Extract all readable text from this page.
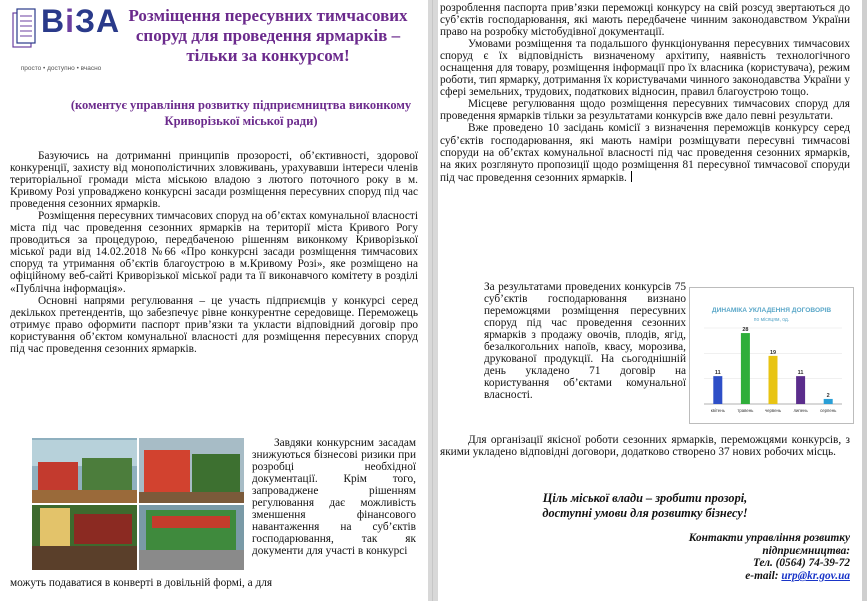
ВіЗА
просто • доступно • вчасно
Розміщення пересувних тимчасових споруд для проведення ярмарків – тільки за конкурсом!
(коментує управління розвитку підприємництва виконкому Криворізької міської ради)

Базуючись на дотриманні принципів прозорості, об’єктивності, здорової конкуренції, захисту від монополістичних зловживань, урахувавши інтереси членів територіальної громади міста міською владою з лютого поточного року в м. Кривому Розі упроваджено конкурсні засади розміщення пересувних споруд під час проведення сезонних ярмарків.

Розміщення пересувних тимчасових споруд на об’єктах комунальної власності міста під час проведення сезонних ярмарків на території міста Кривого Рогу проводиться за процедурою, передбаченою рішенням виконкому Криворізької міської ради від 14.02.2018 №66 «Про конкурсні засади розміщення тимчасових споруд та утримання об’єктів благоустрою в м.Кривому Розі», яке розміщено на офіційному веб-сайті Криворізької міської ради та її виконавчого комітету в розділі «Публічна інформація».

Основні напрями регулювання – це участь підприємців у конкурсі серед декількох претендентів, що забезпечує рівне конкурентне середовище. Переможець отримує право оформити паспорт прив’язки та укласти відповідний договір про користування об’єктом комунальної власності для розміщення пересувних споруд під час проведення сезонних ярмарків.

Завдяки конкурсним засадам знижуються бізнесові ризики при розробці необхідної документації. Крім того, запроваджене рішенням регулювання дає можливість зменшення фінансового навантаження на суб’єктів господарювання, так як документи для участі в конкурсі

можуть подаватися в конверті в довільній формі, а для

розроблення паспорта прив’язки переможці конкурсу на свій розсуд звертаються до суб’єктів господарювання, які мають передбачене чинним законодавством України право на розробку містобудівної документації.

Умовами розміщення та подальшого функціонування пересувних тимчасових споруд є їх відповідність визначеному архітипу, наявність технологічного оснащення для товару, розміщення інформації про їх власника (користувача), режим роботи, тип ярмарку, дотримання їх користувачами чинного законодавства України у сфері земельних, трудових, податкових відносин, правил благоустрою тощо.

Місцеве регулювання щодо розміщення пересувних тимчасових споруд для проведення ярмарків тільки за результатами конкурсів вже дало певні результати.

Вже проведено 10 засідань комісії з визначення переможців конкурсу серед суб’єктів господарювання, які мають наміри розміщувати пересувні тимчасові споруди на об’єктах комунальної власності під час проведення сезонних ярмарків, на яких розглянуто пропозиції щодо розміщення 81 пересувної тимчасової споруди під час проведення сезонних ярмарків.

За результатами проведених конкурсів 75 суб’єктів господарювання визнано переможцями розміщення пересувних споруд під час проведення сезонних ярмарків з продажу овочів, плодів, ягід, безалкогольних напоїв, квасу, морозива, друкованої продукції. На сьогоднішній день укладено 71 договір на користування об’єктами комунальної власності.
ДИНАМІКА УКЛАДЕННЯ ДОГОВОРІВ
по місяцям, од.
11
квітень
28
травень
19
червень
11
липень
2
серпень

Для організації якісної роботи сезонних ярмарків, переможцями конкурсів, з якими укладено відповідні договори, додатково створено 37 нових робочих місць.

Ціль міської влади – зробити прозорі,
доступні умови для розвитку бізнесу!
Контакти управління розвитку підприємництва:
Тел. (0564) 74-39-72
e-mail: urp@kr.gov.ua
